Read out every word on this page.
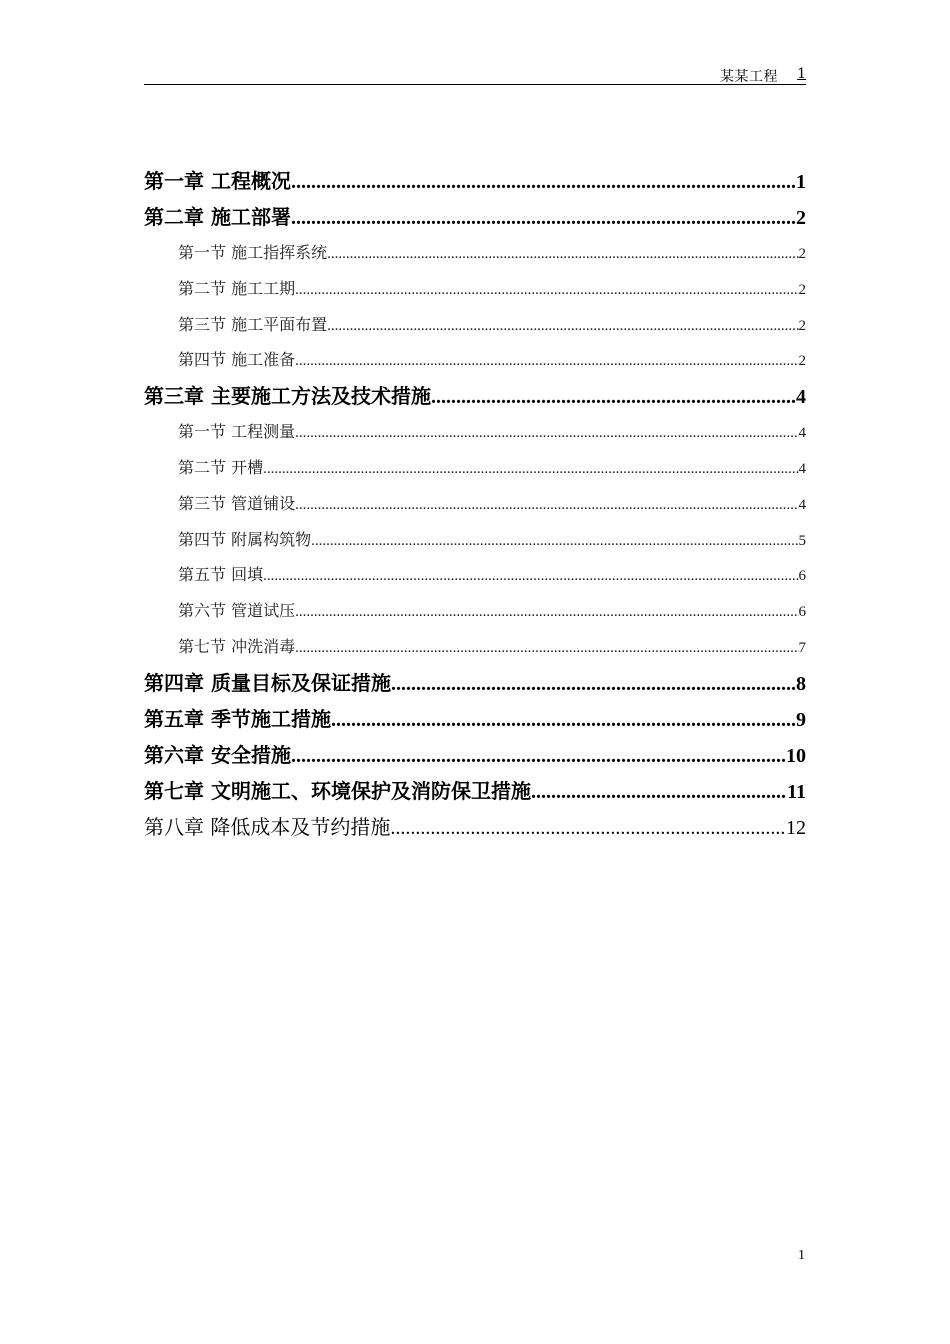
某某工程 1
第一章 工程概况 .....	1
第二章 施工部署 .....	2
第一节 施工指挥系统 .....	2
第二节 施工工期 .....	2
第三节 施工平面布置 .....	2
第四节 施工准备 .....	2
第三章 主要施工方法及技术措施 .....	4
第一节 工程测量 .....	4
第二节 开槽 .....	4
第三节 管道铺设 .....	4
第四节 附属构筑物 .....	5
第五节 回填 .....	6
第六节 管道试压 .....	6
第七节 冲洗消毒 .....	7
第四章 质量目标及保证措施 .....	8
第五章 季节施工措施 .....	9
第六章 安全措施 .....	10
第七章 文明施工、环境保护及消防保卫措施 .....	11
第八章 降低成本及节约措施 .....	12
1
